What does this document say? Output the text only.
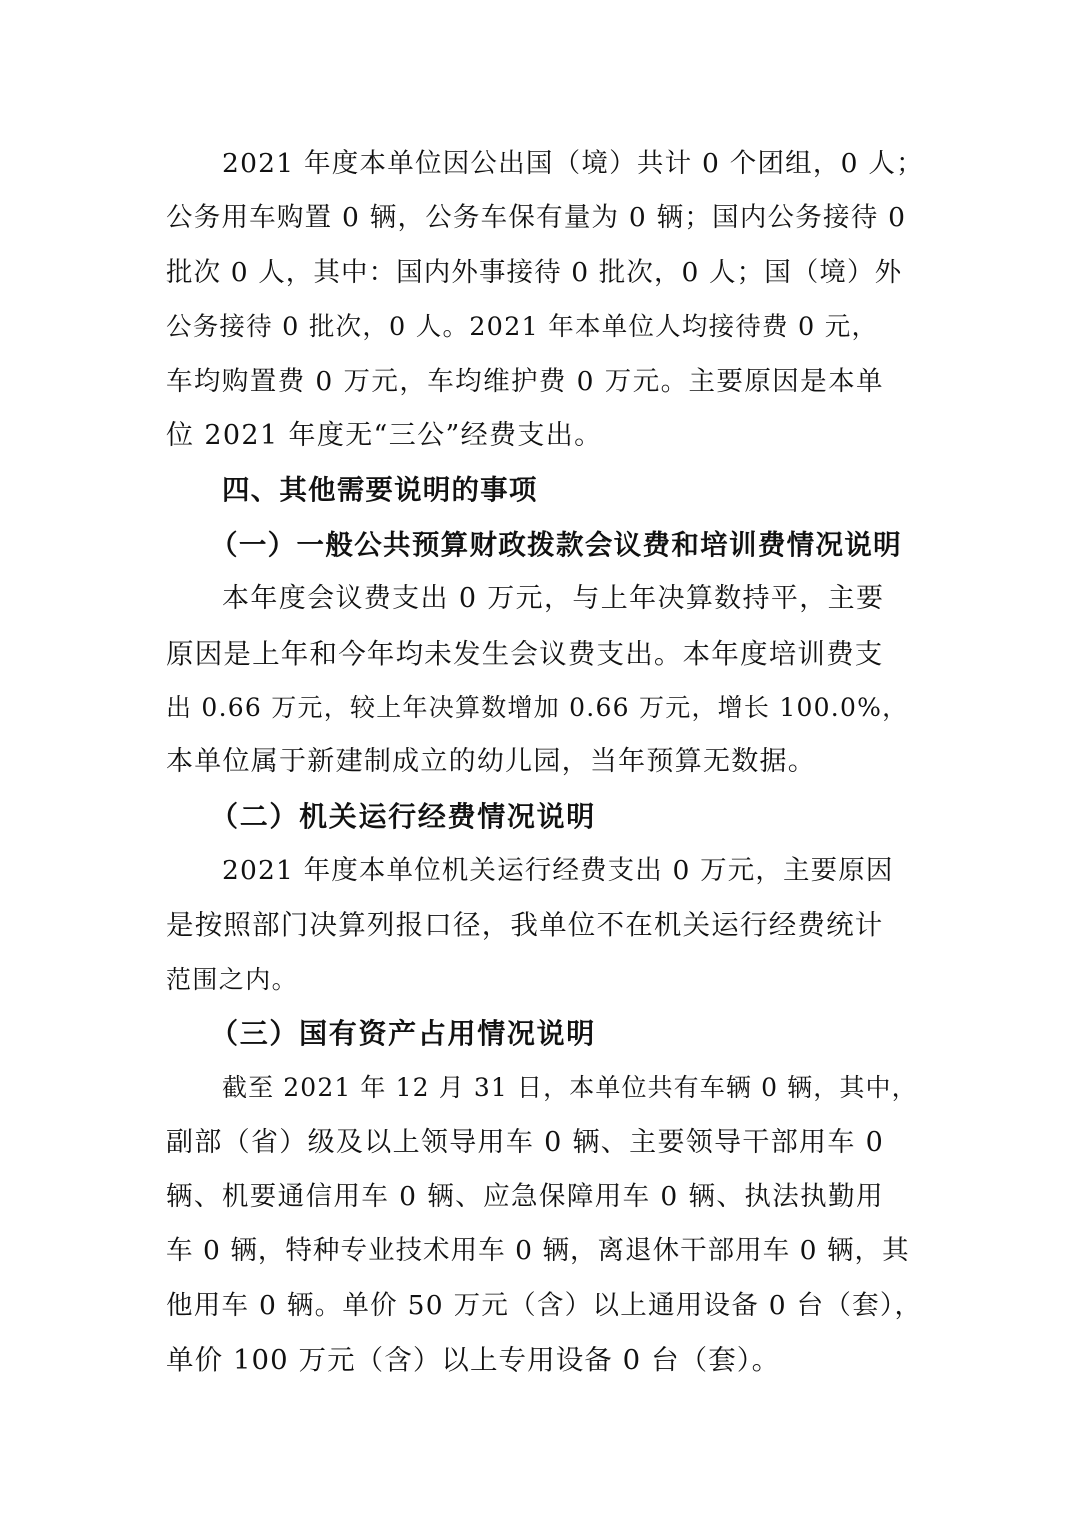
2021 年度本单位因公出国（境）共计 0 个团组，0 人；
公务用车购置 0 辆，公务车保有量为 0 辆；国内公务接待 0
批次 0 人，其中：国内外事接待 0 批次，0 人；国（境）外
公务接待 0 批次，0 人。2021 年本单位人均接待费 0 元，
车均购置费 0 万元，车均维护费 0 万元。主要原因是本单
位 2021 年度无“三公”经费支出。
四、其他需要说明的事项
（一）一般公共预算财政拨款会议费和培训费情况说明
本年度会议费支出 0 万元，与上年决算数持平，主要
原因是上年和今年均未发生会议费支出。本年度培训费支
出 0.66 万元，较上年决算数增加 0.66 万元，增长 100.0%，
本单位属于新建制成立的幼儿园，当年预算无数据。
（二）机关运行经费情况说明
2021 年度本单位机关运行经费支出 0 万元，主要原因
是按照部门决算列报口径，我单位不在机关运行经费统计
范围之内。
（三）国有资产占用情况说明
截至 2021 年 12 月 31 日，本单位共有车辆 0 辆，其中，
副部（省）级及以上领导用车 0 辆、主要领导干部用车 0
辆、机要通信用车 0 辆、应急保障用车 0 辆、执法执勤用
车 0 辆，特种专业技术用车 0 辆，离退休干部用车 0 辆，其
他用车 0 辆。单价 50 万元（含）以上通用设备 0 台（套），
单价 100 万元（含）以上专用设备 0 台（套）。
